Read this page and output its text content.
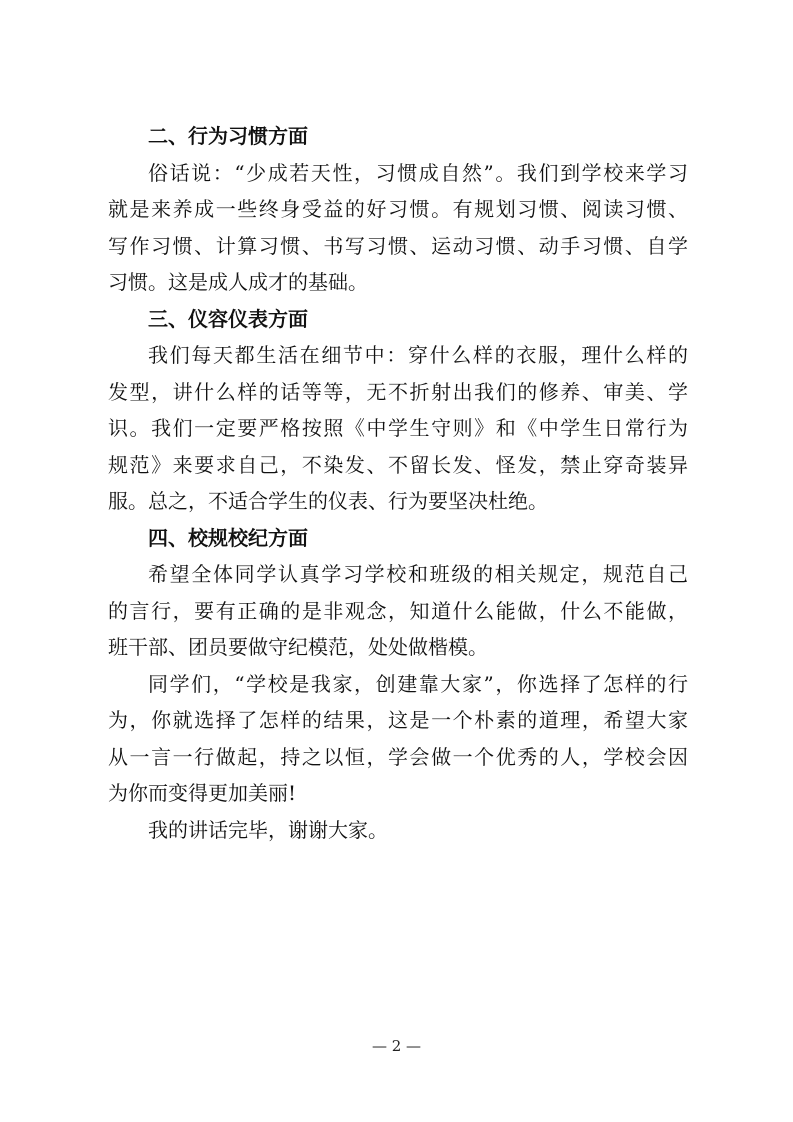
二、行为习惯方面
俗话说：“少成若天性，习惯成自然”。我们到学校来学习
就是来养成一些终身受益的好习惯。有规划习惯、阅读习惯、
写作习惯、计算习惯、书写习惯、运动习惯、动手习惯、自学
习惯。这是成人成才的基础。
三、仪容仪表方面
我们每天都生活在细节中：穿什么样的衣服，理什么样的
发型，讲什么样的话等等，无不折射出我们的修养、审美、学
识。我们一定要严格按照《中学生守则》和《中学生日常行为
规范》来要求自己，不染发、不留长发、怪发，禁止穿奇装异
服。总之，不适合学生的仪表、行为要坚决杜绝。
四、校规校纪方面
希望全体同学认真学习学校和班级的相关规定，规范自己
的言行，要有正确的是非观念，知道什么能做，什么不能做，
班干部、团员要做守纪模范，处处做楷模。
同学们，“学校是我家，创建靠大家”，你选择了怎样的行
为，你就选择了怎样的结果，这是一个朴素的道理，希望大家
从一言一行做起，持之以恒，学会做一个优秀的人，学校会因
为你而变得更加美丽!
我的讲话完毕，谢谢大家。
— 2 —
